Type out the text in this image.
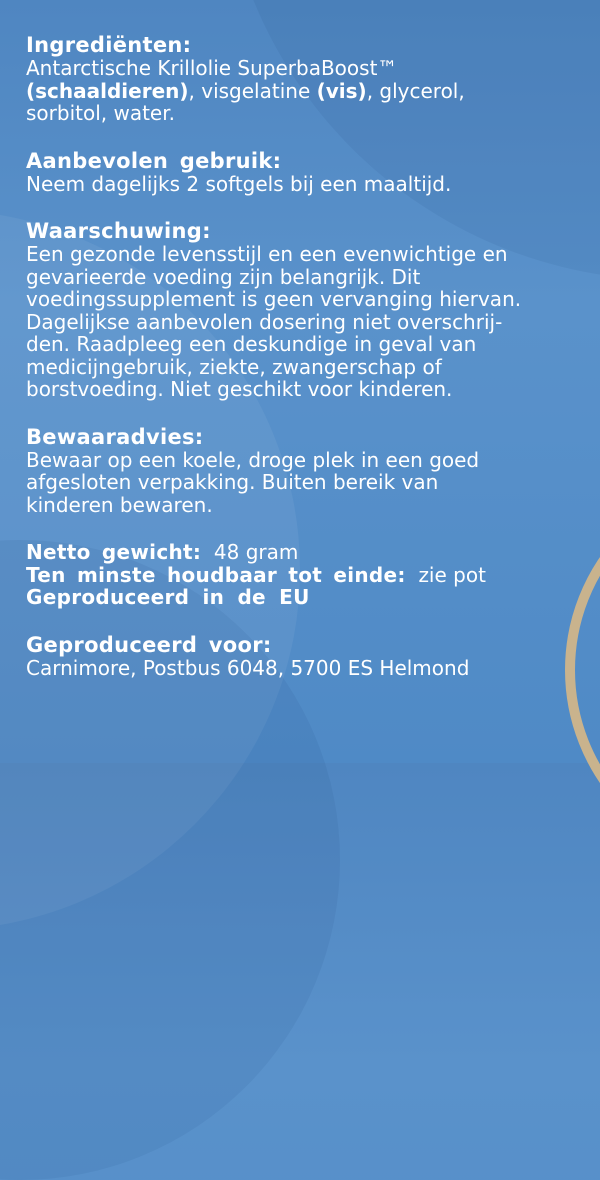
Ingrediënten:
Antarctische Krillolie SuperbaBoost™
(schaaldieren), visgelatine (vis), glycerol,
sorbitol, water.
Aanbevolen gebruik:
Neem dagelijks 2 softgels bij een maaltijd.
Waarschuwing:
Een gezonde levensstijl en een evenwichtige en
gevarieerde voeding zijn belangrijk. Dit
voedingssupplement is geen vervanging hiervan.
Dagelijkse aanbevolen dosering niet overschrij-
den. Raadpleeg een deskundige in geval van
medicijngebruik, ziekte, zwangerschap of
borstvoeding. Niet geschikt voor kinderen.
Bewaaradvies:
Bewaar op een koele, droge plek in een goed
afgesloten verpakking. Buiten bereik van
kinderen bewaren.
Netto gewicht: 48 gram
Ten minste houdbaar tot einde: zie pot
Geproduceerd in de EU
Geproduceerd voor:
Carnimore, Postbus 6048, 5700 ES Helmond
